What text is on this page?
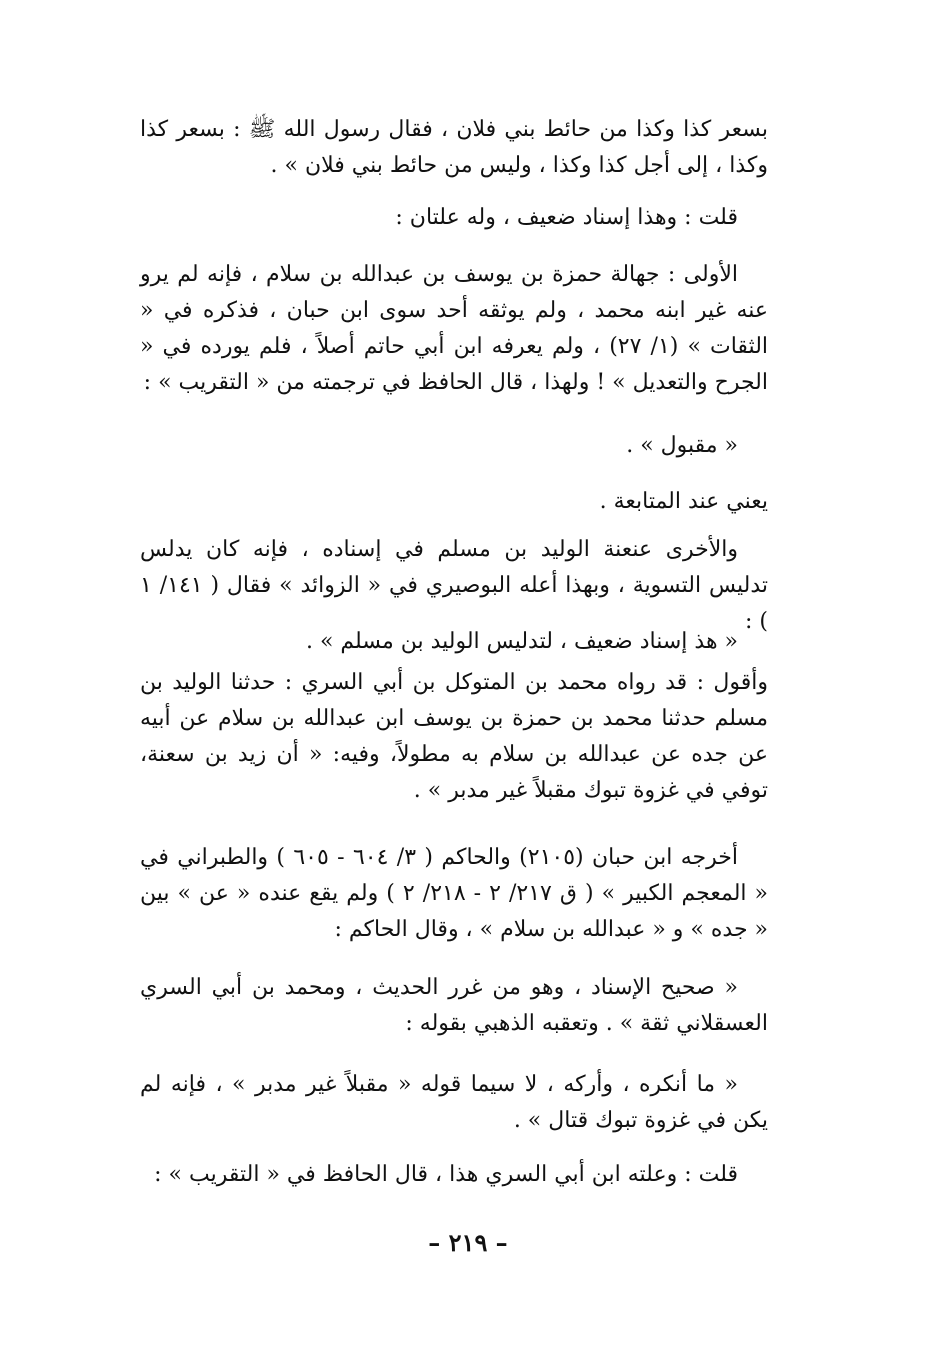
بسعر كذا وكذا من حائط بني فلان ، فقال رسول الله ﷺ : بسعر كذا وكذا ، إلى أجل كذا وكذا ، وليس من حائط بني فلان » .

قلت : وهذا إسناد ضعيف ، وله علتان :

الأولى : جهالة حمزة بن يوسف بن عبدالله بن سلام ، فإنه لم يرو عنه غير ابنه محمد ، ولم يوثقه أحد سوى ابن حبان ، فذكره في « الثقات » (١/ ٢٧) ، ولم يعرفه ابن أبي حاتم أصلاً ، فلم يورده في « الجرح والتعديل » ! ولهذا ، قال الحافظ في ترجمته من « التقريب » :

« مقبول » .

يعني عند المتابعة .

والأخرى عنعنة الوليد بن مسلم في إسناده ، فإنه كان يدلس تدليس التسوية ، وبهذا أعله البوصيري في « الزوائد » فقال ( ١٤١/ ١ ) :

« هذ إسناد ضعيف ، لتدليس الوليد بن مسلم » .

وأقول : قد رواه محمد بن المتوكل بن أبي السري : حدثنا الوليد بن مسلم حدثنا محمد بن حمزة بن يوسف ابن عبدالله بن سلام عن أبيه عن جده عن عبدالله بن سلام به مطولاً، وفيه: « أن زيد بن سعنة، توفي في غزوة تبوك مقبلاً غير مدبر » .

أخرجه ابن حبان (٢١٠٥) والحاكم ( ٣/ ٦٠٤ - ٦٠٥ ) والطبراني في « المعجم الكبير » ( ق ٢١٧/ ٢ - ٢١٨/ ٢ ) ولم يقع عنده « عن » بين « جده » و « عبدالله بن سلام » ، وقال الحاكم :

« صحيح الإسناد ، وهو من غرر الحديث ، ومحمد بن أبي السري العسقلاني ثقة » . وتعقبه الذهبي بقوله :

« ما أنكره ، وأركه ، لا سيما قوله « مقبلاً غير مدبر » ، فإنه لم يكن في غزوة تبوك قتال » .

قلت : وعلته ابن أبي السري هذا ، قال الحافظ في « التقريب » :

– ٢١٩ –
